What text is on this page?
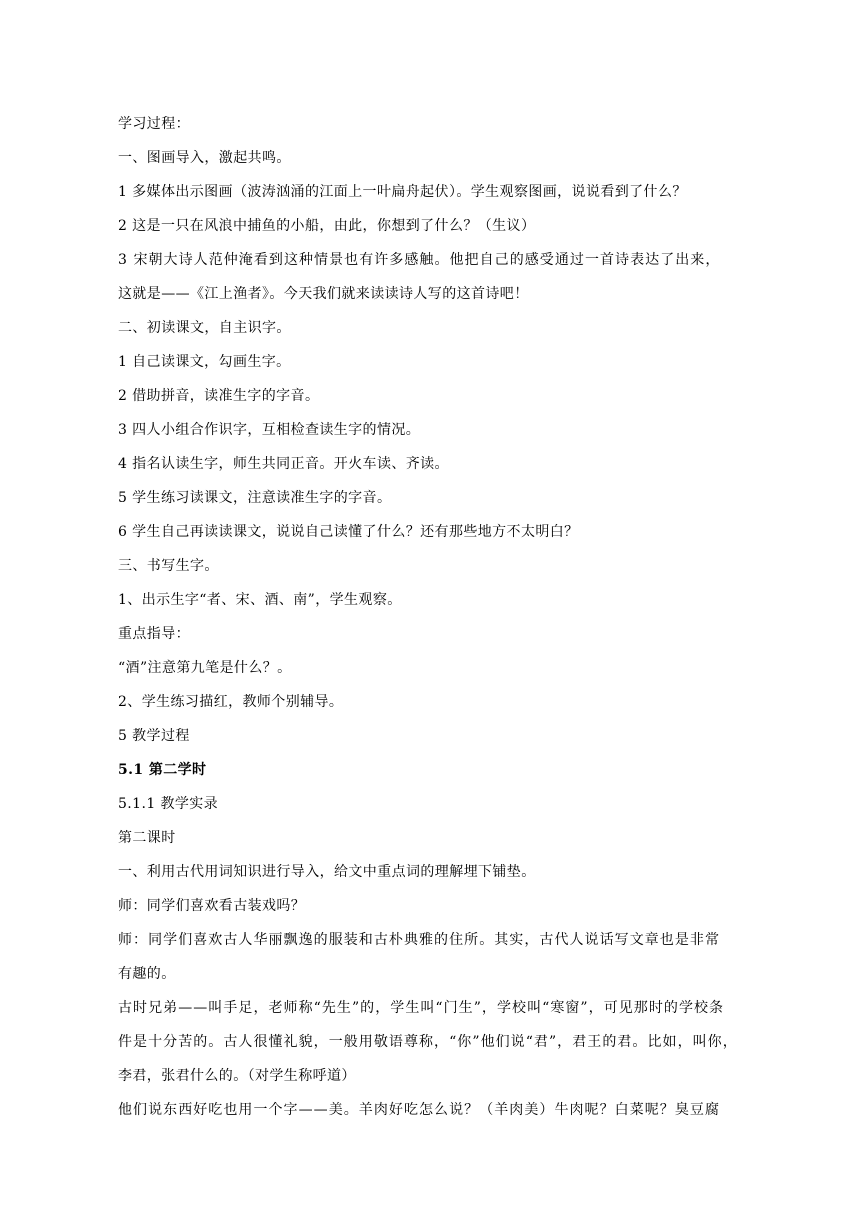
学习过程：
一、图画导入，激起共鸣。
1 多媒体出示图画（波涛汹涌的江面上一叶扁舟起伏）。学生观察图画，说说看到了什么？
2 这是一只在风浪中捕鱼的小船，由此，你想到了什么？（生议）
3 宋朝大诗人范仲淹看到这种情景也有许多感触。他把自己的感受通过一首诗表达了出来，
这就是——《江上渔者》。今天我们就来读读诗人写的这首诗吧！
二、初读课文，自主识字。
1 自己读课文，勾画生字。
2 借助拼音，读准生字的字音。
3 四人小组合作识字，互相检查读生字的情况。
4 指名认读生字，师生共同正音。开火车读、齐读。
5 学生练习读课文，注意读准生字的字音。
6 学生自己再读读课文，说说自己读懂了什么？还有那些地方不太明白？
三、书写生字。
1、出示生字“者、宋、酒、南”，学生观察。
重点指导：
“酒”注意第九笔是什么？。
2、学生练习描红，教师个别辅导。
5 教学过程
5.1 第二学时
5.1.1 教学实录
第二课时
一、利用古代用词知识进行导入，给文中重点词的理解埋下铺垫。
师：同学们喜欢看古装戏吗？
师：同学们喜欢古人华丽飘逸的服装和古朴典雅的住所。其实，古代人说话写文章也是非常
有趣的。
古时兄弟——叫手足，老师称“先生”的，学生叫“门生”，学校叫“寒窗”，可见那时的学校条
件是十分苦的。古人很懂礼貌，一般用敬语尊称，“你”他们说“君”，君王的君。比如，叫你，
李君，张君什么的。（对学生称呼道）
他们说东西好吃也用一个字——美。羊肉好吃怎么说？（羊肉美）牛肉呢？白菜呢？臭豆腐
